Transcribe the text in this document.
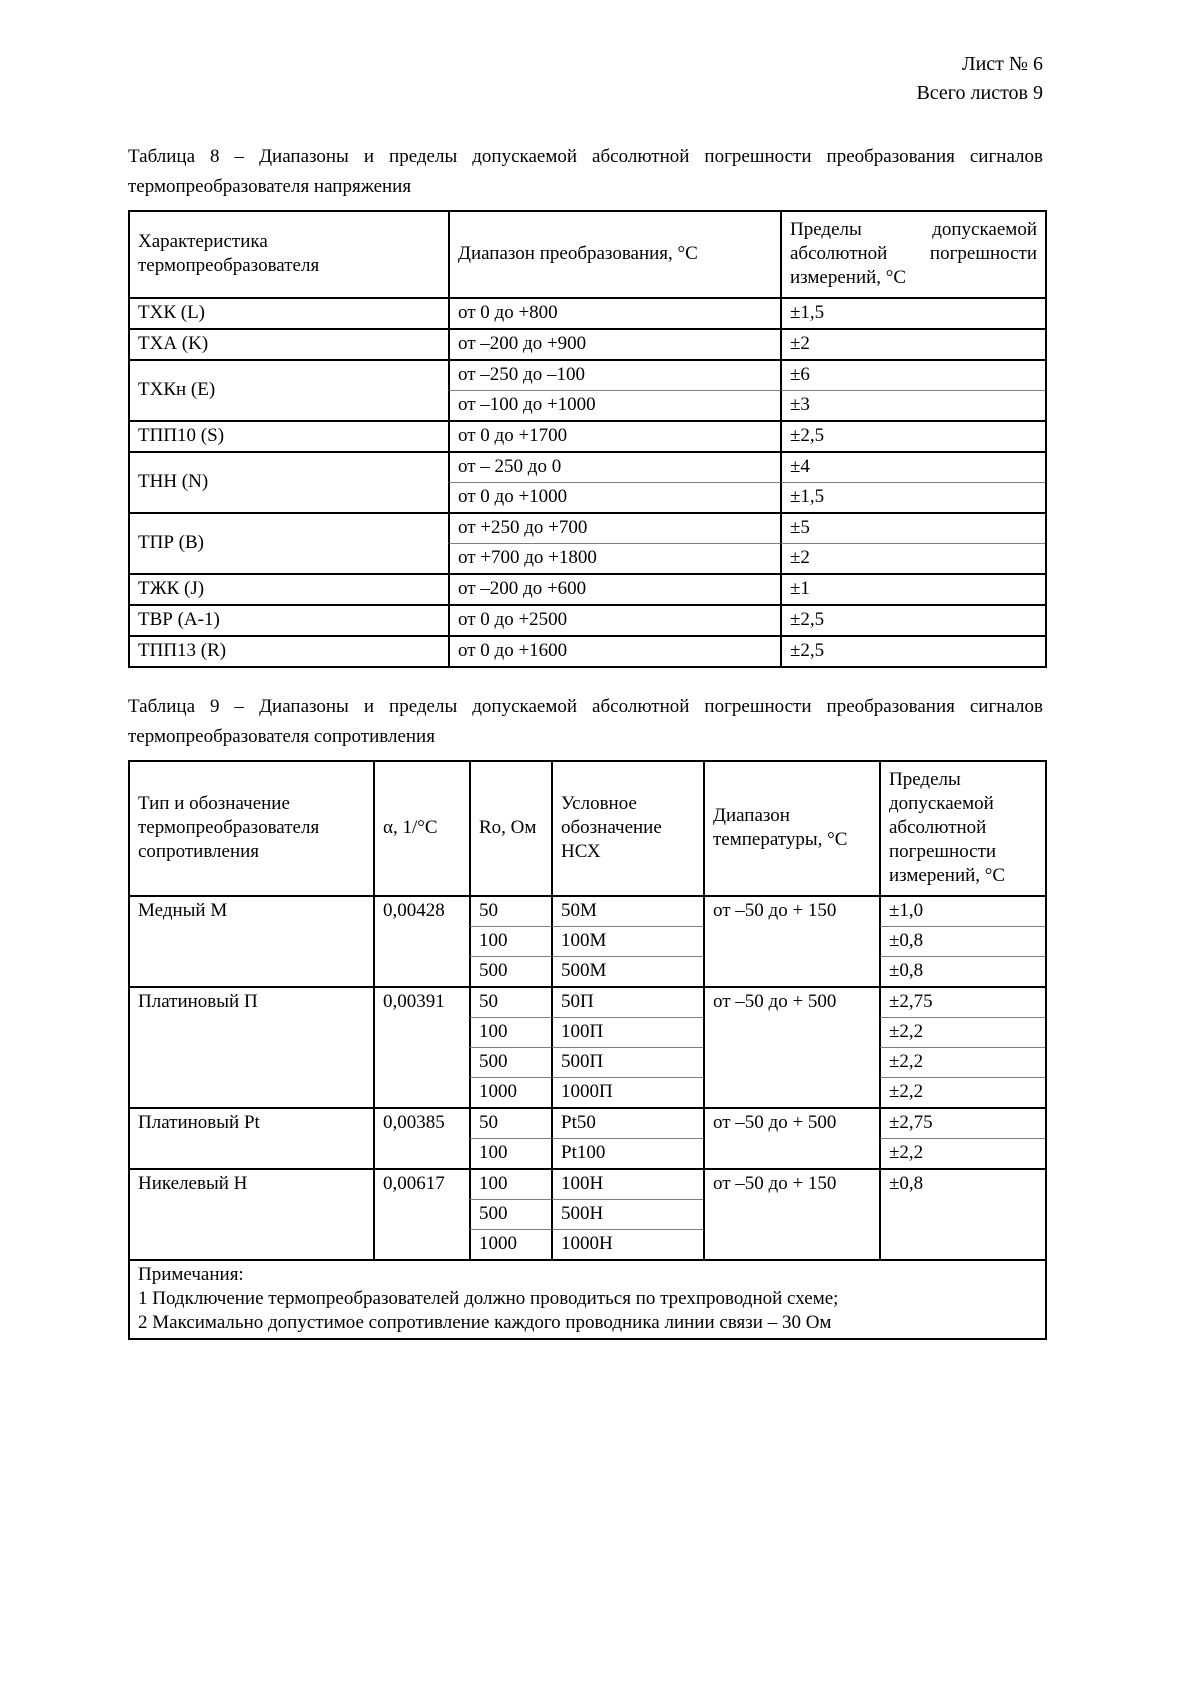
Лист № 6
Всего листов 9

Таблица 8 – Диапазоны и пределы допускаемой абсолютной погрешности преобразования сигналов термопреобразователя напряжения

Характеристика термопреобразователя	Диапазон преобразования, °С	Пределы допускаемой
абсолютной погрешности
измерений, °С

ТХК (L)	от 0 до +800	±1,5
ТХА (K)	от –200 до +900	±2
ТХКн (Е)	от –250 до –100	±6
	от –100 до +1000	±3
ТПП10 (S)	от 0 до +1700	±2,5
ТНН (N)	от – 250 до 0	±4
	от 0 до +1000	±1,5
ТПР (В)	от +250 до +700	±5
	от +700 до +1800	±2
ТЖК (J)	от –200 до +600	±1
ТВР (А-1)	от 0 до +2500	±2,5
ТПП13 (R)	от 0 до +1600	±2,5

Таблица 9 – Диапазоны и пределы допускаемой абсолютной погрешности преобразования сигналов термопреобразователя сопротивления

Тип и обозначение термопреобразователя сопротивления	α, 1/°С	Ro, Ом	Условное обозначение НСХ	Диапазон температуры, °С	Пределы допускаемой абсолютной погрешности измерений, °С
Медный М	0,00428	50	50М	от –50 до + 150	±1,0
		100	100М		±0,8
		500	500М		±0,8
Платиновый П	0,00391	50	50П	от –50 до + 500	±2,75
		100	100П		±2,2
		500	500П		±2,2
		1000	1000П		±2,2
Платиновый Pt	0,00385	50	Pt50	от –50 до + 500	±2,75
		100	Pt100		±2,2
Никелевый Н	0,00617	100	100Н	от –50 до + 150	±0,8
		500	500Н		
		1000	1000Н		

Примечания:
1 Подключение термопреобразователей должно проводиться по трехпроводной схеме;
2 Максимально допустимое сопротивление каждого проводника линии связи – 30 Ом					
